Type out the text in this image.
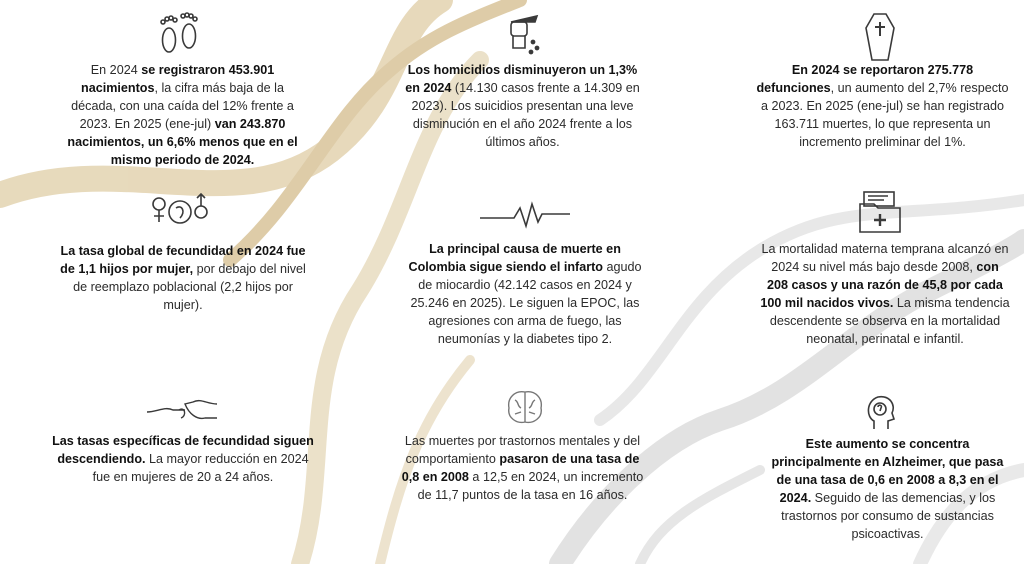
En 2024 se registraron 453.901 nacimientos, la cifra más baja de la década, con una caída del 12% frente a 2023. En 2025 (ene-jul) van 243.870 nacimientos, un 6,6% menos que en el mismo periodo de 2024.
Los homicidios disminuyeron un 1,3% en 2024 (14.130 casos frente a 14.309 en 2023). Los suicidios presentan una leve disminución en el año 2024 frente a los últimos años.
En 2024 se reportaron 275.778 defunciones, un aumento del 2,7% respecto a 2023. En 2025 (ene-jul) se han registrado 163.711 muertes, lo que representa un incremento preliminar del 1%.
La tasa global de fecundidad en 2024 fue de 1,1 hijos por mujer, por debajo del nivel de reemplazo poblacional (2,2 hijos por mujer).
La principal causa de muerte en Colombia sigue siendo el infarto agudo de miocardio (42.142 casos en 2024 y 25.246 en 2025). Le siguen la EPOC, las agresiones con arma de fuego, las neumonías y la diabetes tipo 2.
La mortalidad materna temprana alcanzó en 2024 su nivel más bajo desde 2008, con 208 casos y una razón de 45,8 por cada 100 mil nacidos vivos. La misma tendencia descendente se observa en la mortalidad neonatal, perinatal e infantil.
Las tasas específicas de fecundidad siguen descendiendo. La mayor reducción en 2024 fue en mujeres de 20 a 24 años.
Las muertes por trastornos mentales y del comportamiento pasaron de una tasa de 0,8 en 2008 a 12,5 en 2024, un incremento de 11,7 puntos de la tasa en 16 años.
Este aumento se concentra principalmente en Alzheimer, que pasa de una tasa de 0,6 en 2008 a 8,3 en el 2024. Seguido de las demencias, y los trastornos por consumo de sustancias psicoactivas.
